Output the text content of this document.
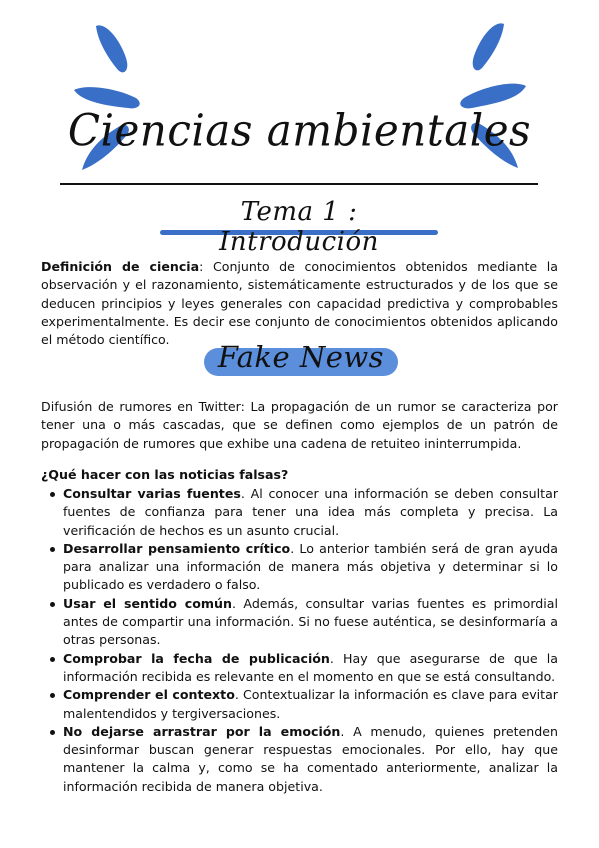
Ciencias ambientales
Tema 1 : Introdución

Definición de ciencia: Conjunto de conocimientos obtenidos mediante la observación y el razonamiento, sistemáticamente estructurados y de los que se deducen principios y leyes generales con capacidad predictiva y comprobables experimentalmente. Es decir ese conjunto de conocimientos obtenidos aplicando el método científico.

Fake News

Difusión de rumores en Twitter: La propagación de un rumor se caracteriza por tener una o más cascadas, que se definen como ejemplos de un patrón de propagación de rumores que exhibe una cadena de retuiteo ininterrumpida.

¿Qué hacer con las noticias falsas?

Consultar varias fuentes. Al conocer una información se deben consultar fuentes de confianza para tener una idea más completa y precisa. La verificación de hechos es un asunto crucial.
Desarrollar pensamiento crítico. Lo anterior también será de gran ayuda para analizar una información de manera más objetiva y determinar si lo publicado es verdadero o falso.
Usar el sentido común. Además, consultar varias fuentes es primordial antes de compartir una información. Si no fuese auténtica, se desinformaría a otras personas.
Comprobar la fecha de publicación. Hay que asegurarse de que la información recibida es relevante en el momento en que se está consultando.
Comprender el contexto. Contextualizar la información es clave para evitar malentendidos y tergiversaciones.
No dejarse arrastrar por la emoción. A menudo, quienes pretenden desinformar buscan generar respuestas emocionales. Por ello, hay que mantener la calma y, como se ha comentado anteriormente, analizar la información recibida de manera objetiva.
